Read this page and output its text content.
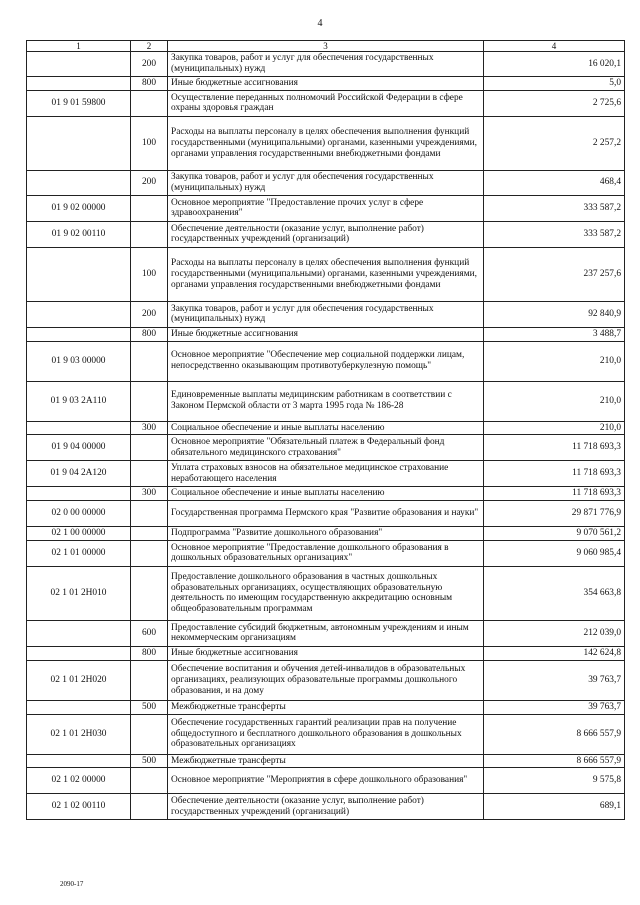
4
1	2	3	4
	200	Закупка товаров, работ и услуг для обеспечения государственных (муниципальных) нужд	16 020,1
	800	Иные бюджетные ассигнования	5,0
01 9 01 59800		Осуществление переданных полномочий Российской Федерации в сфере охраны здоровья граждан	2 725,6
	100	Расходы на выплаты персоналу в целях обеспечения выполнения функций государственными (муниципальными) органами, казенными учреждениями, органами управления государственными внебюджетными фондами	2 257,2
	200	Закупка товаров, работ и услуг для обеспечения государственных (муниципальных) нужд	468,4
01 9 02 00000		Основное мероприятие "Предоставление прочих услуг в сфере здравоохранения"	333 587,2
01 9 02 00110		Обеспечение деятельности (оказание услуг, выполнение работ) государственных учреждений (организаций)	333 587,2
	100	Расходы на выплаты персоналу в целях обеспечения выполнения функций государственными (муниципальными) органами, казенными учреждениями, органами управления государственными внебюджетными фондами	237 257,6
	200	Закупка товаров, работ и услуг для обеспечения государственных (муниципальных) нужд	92 840,9
	800	Иные бюджетные ассигнования	3 488,7
01 9 03 00000		Основное мероприятие "Обеспечение мер социальной поддержки лицам, непосредственно оказывающим противотуберкулезную помощь"	210,0
01 9 03 2A110		Единовременные выплаты медицинским работникам в соответствии с Законом Пермской области от 3 марта 1995 года № 186-28	210,0
	300	Социальное обеспечение и иные выплаты населению	210,0
01 9 04 00000		Основное мероприятие "Обязательный платеж в Федеральный фонд обязательного медицинского страхования"	11 718 693,3
01 9 04 2A120		Уплата страховых взносов на обязательное медицинское страхование неработающего населения	11 718 693,3
	300	Социальное обеспечение и иные выплаты населению	11 718 693,3
02 0 00 00000		Государственная программа Пермского края "Развитие образования и науки"	29 871 776,9
02 1 00 00000		Подпрограмма "Развитие дошкольного образования"	9 070 561,2
02 1 01 00000		Основное мероприятие "Предоставление дошкольного образования в дошкольных образовательных организациях"	9 060 985,4
02 1 01 2H010		Предоставление дошкольного образования в частных дошкольных образовательных организациях, осуществляющих образовательную деятельность по имеющим государственную аккредитацию основным общеобразовательным программам	354 663,8
	600	Предоставление субсидий бюджетным, автономным учреждениям и иным некоммерческим организациям	212 039,0
	800	Иные бюджетные ассигнования	142 624,8
02 1 01 2H020		Обеспечение воспитания и обучения детей-инвалидов в образовательных организациях, реализующих образовательные программы дошкольного образования, и на дому	39 763,7
	500	Межбюджетные трансферты	39 763,7
02 1 01 2H030		Обеспечение государственных гарантий реализации прав на получение общедоступного и бесплатного дошкольного образования в дошкольных образовательных организациях	8 666 557,9
	500	Межбюджетные трансферты	8 666 557,9
02 1 02 00000		Основное мероприятие "Мероприятия в сфере дошкольного образования"	9 575,8
02 1 02 00110		Обеспечение деятельности (оказание услуг, выполнение работ) государственных учреждений (организаций)	689,1
2090-17
